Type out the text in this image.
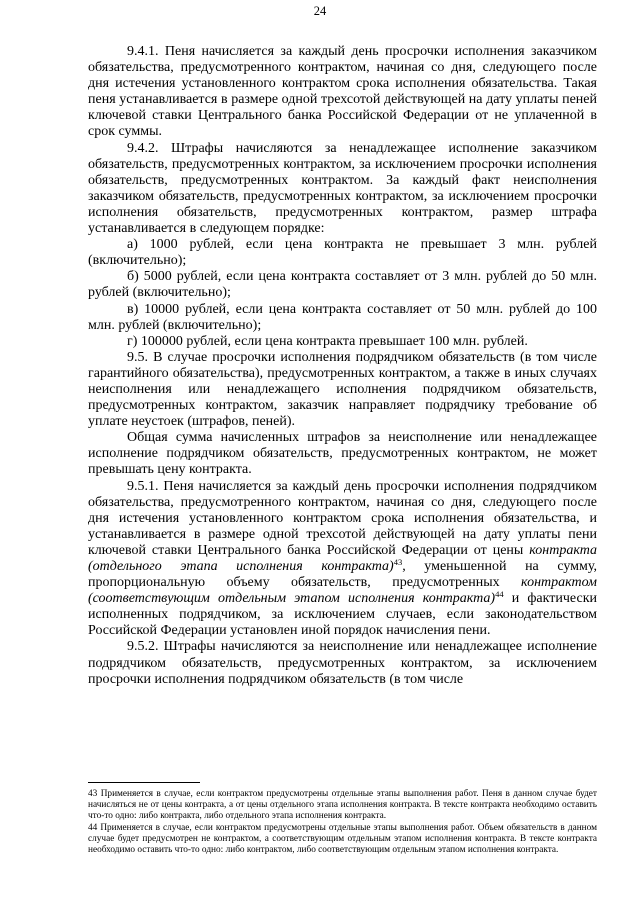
24

9.4.1. Пеня начисляется за каждый день просрочки исполнения заказчиком обязательства, предусмотренного контрактом, начиная со дня, следующего после дня истечения установленного контрактом срока исполнения обязательства. Такая пеня устанавливается в размере одной трехсотой действующей на дату уплаты пеней ключевой ставки Центрального банка Российской Федерации от не уплаченной в срок суммы.

9.4.2. Штрафы начисляются за ненадлежащее исполнение заказчиком обязательств, предусмотренных контрактом, за исключением просрочки исполнения обязательств, предусмотренных контрактом. За каждый факт неисполнения заказчиком обязательств, предусмотренных контрактом, за исключением просрочки исполнения обязательств, предусмотренных контрактом, размер штрафа устанавливается в следующем порядке:

а) 1000 рублей, если цена контракта не превышает 3 млн. рублей (включительно);

б) 5000 рублей, если цена контракта составляет от 3 млн. рублей до 50 млн. рублей (включительно);

в) 10000 рублей, если цена контракта составляет от 50 млн. рублей до 100 млн. рублей (включительно);

г) 100000 рублей, если цена контракта превышает 100 млн. рублей.

9.5. В случае просрочки исполнения подрядчиком обязательств (в том числе гарантийного обязательства), предусмотренных контрактом, а также в иных случаях неисполнения или ненадлежащего исполнения подрядчиком обязательств, предусмотренных контрактом, заказчик направляет подрядчику требование об уплате неустоек (штрафов, пеней).

Общая сумма начисленных штрафов за неисполнение или ненадлежащее исполнение подрядчиком обязательств, предусмотренных контрактом, не может превышать цену контракта.

9.5.1. Пеня начисляется за каждый день просрочки исполнения подрядчиком обязательства, предусмотренного контрактом, начиная со дня, следующего после дня истечения установленного контрактом срока исполнения обязательства, и устанавливается в размере одной трехсотой действующей на дату уплаты пени ключевой ставки Центрального банка Российской Федерации от цены контракта (отдельного этапа исполнения контракта)$^{43}$, уменьшенной на сумму, пропорциональную объему обязательств, предусмотренных контрактом (соответствующим отдельным этапом исполнения контракта)$^{44}$ и фактически исполненных подрядчиком, за исключением случаев, если законодательством Российской Федерации установлен иной порядок начисления пени.

9.5.2. Штрафы начисляются за неисполнение или ненадлежащее исполнение подрядчиком обязательств, предусмотренных контрактом, за исключением просрочки исполнения подрядчиком обязательств (в том числе

43 Применяется в случае, если контрактом предусмотрены отдельные этапы выполнения работ. Пеня в данном случае будет начисляться не от цены контракта, а от цены отдельного этапа исполнения контракта. В тексте контракта необходимо оставить что-то одно: либо контракта, либо отдельного этапа исполнения контракта.

44 Применяется в случае, если контрактом предусмотрены отдельные этапы выполнения работ. Объем обязательств в данном случае будет предусмотрен не контрактом, а соответствующим отдельным этапом исполнения контракта. В тексте контракта необходимо оставить что-то одно: либо контрактом, либо соответствующим отдельным этапом исполнения контракта.
